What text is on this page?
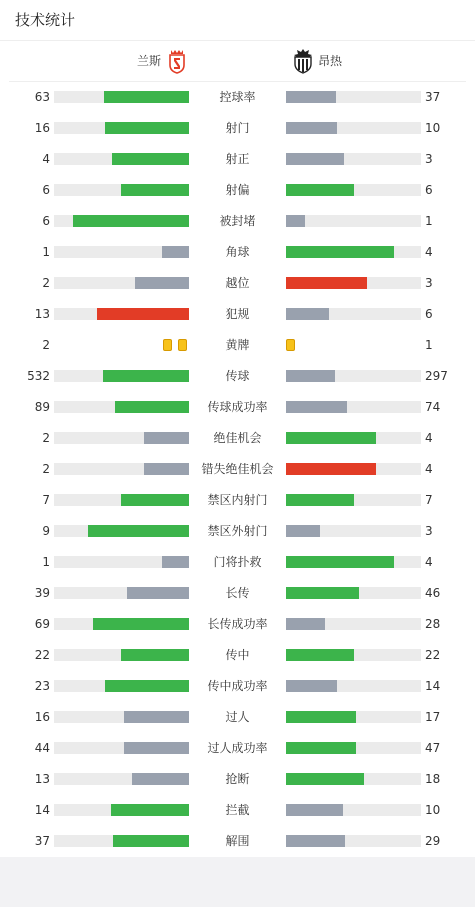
技术统计
兰斯	昂热
63	控球率	37
16	射门	10
4	射正	3
6	射偏	6
6	被封堵	1
1	角球	4
2	越位	3
13	犯规	6
2	黄牌	1
532	传球	297
89	传球成功率	74
2	绝佳机会	4
2	错失绝佳机会	4
7	禁区内射门	7
9	禁区外射门	3
1	门将扑救	4
39	长传	46
69	长传成功率	28
22	传中	22
23	传中成功率	14
16	过人	17
44	过人成功率	47
13	抢断	18
14	拦截	10
37	解围	29
